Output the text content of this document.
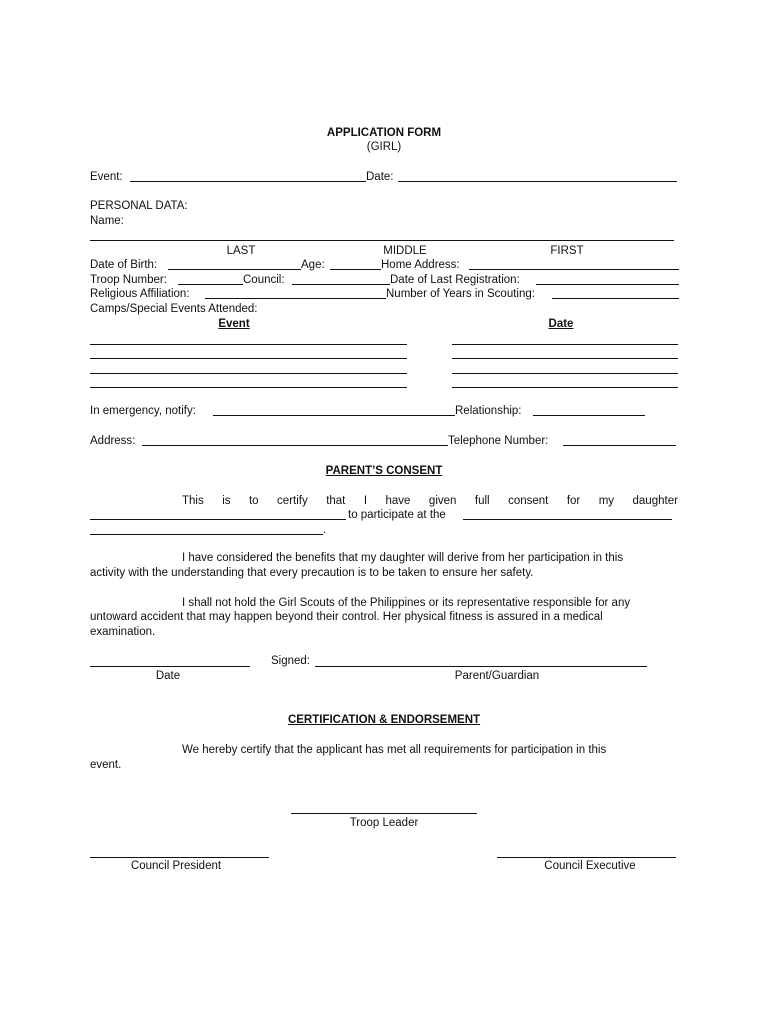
APPLICATION FORM
(GIRL)
Event:	Date:
PERSONAL DATA:
Name:
LAST	MIDDLE	FIRST
Date of Birth:	Age:	Home Address:
Troop Number:	Council:	Date of Last Registration:
Religious Affiliation:	Number of Years in Scouting:
Camps/Special Events Attended:
Event	Date
In emergency, notify:	Relationship:
Address:	Telephone Number:
PARENT’S CONSENT
This is to certify that I have given full consent for my daughter
to participate at the
.
I have considered the benefits that my daughter will derive from her participation in this
activity with the understanding that every precaution is to be taken to ensure her safety.
I shall not hold the Girl Scouts of the Philippines or its representative responsible for any
untoward accident that may happen beyond their control. Her physical fitness is assured in a medical
examination.
Signed:
Date	Parent/Guardian
CERTIFICATION & ENDORSEMENT
We hereby certify that the applicant has met all requirements for participation in this
event.
Troop Leader
Council President	Council Executive
